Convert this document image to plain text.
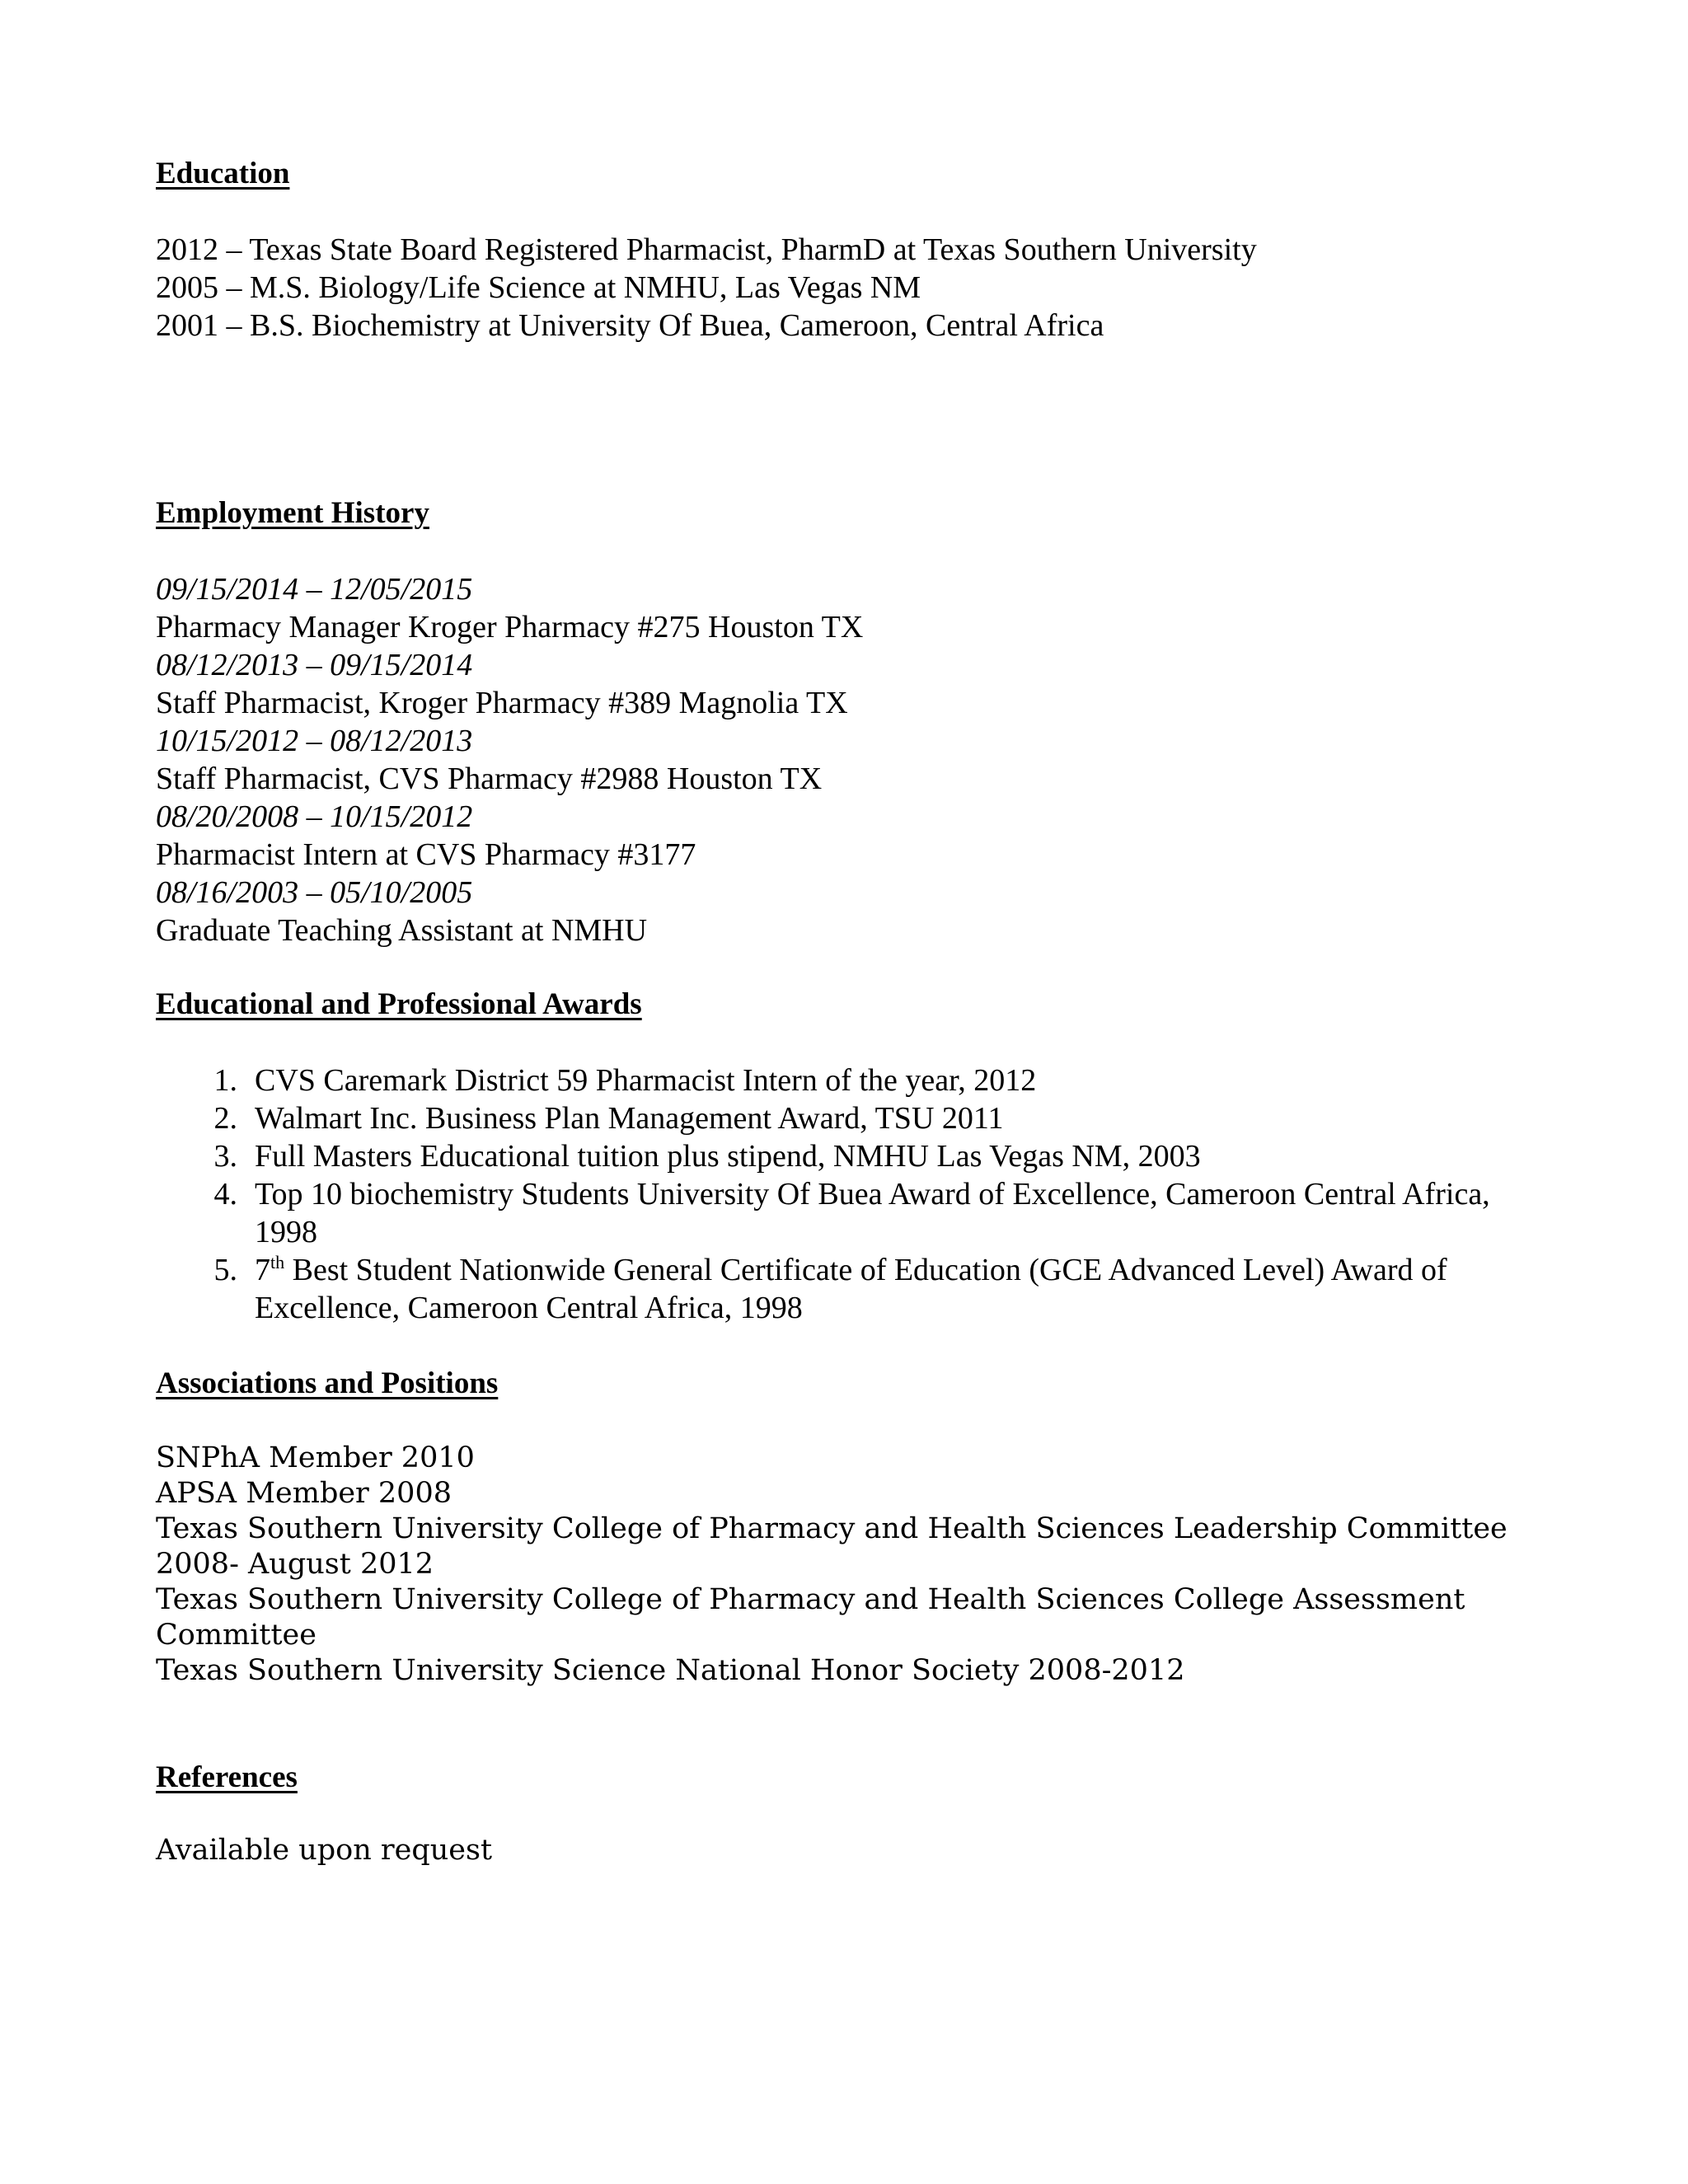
Education

2012 – Texas State Board Registered Pharmacist, PharmD at Texas Southern University

2005 – M.S. Biology/Life Science at NMHU, Las Vegas NM

2001 – B.S. Biochemistry at University Of Buea, Cameroon, Central Africa

Employment History

09/15/2014 – 12/05/2015

Pharmacy Manager Kroger Pharmacy #275 Houston TX

08/12/2013 – 09/15/2014

Staff Pharmacist, Kroger Pharmacy #389 Magnolia TX

10/15/2012 – 08/12/2013

Staff Pharmacist, CVS Pharmacy #2988 Houston TX

08/20/2008 – 10/15/2012

Pharmacist Intern at CVS Pharmacy #3177

08/16/2003 – 05/10/2005

Graduate Teaching Assistant at NMHU

Educational and Professional Awards
1. CVS Caremark District 59 Pharmacist Intern of the year, 2012
2. Walmart Inc. Business Plan Management Award, TSU 2011
3. Full Masters Educational tuition plus stipend, NMHU Las Vegas NM, 2003
4. Top 10 biochemistry Students University Of Buea Award of Excellence, Cameroon Central Africa, 1998
5. 7th Best Student Nationwide General Certificate of Education (GCE Advanced Level) Award of Excellence, Cameroon Central Africa, 1998
Associations and Positions

SNPhA Member 2010

APSA Member 2008

Texas Southern University College of Pharmacy and Health Sciences Leadership Committee

2008- August 2012

Texas Southern University College of Pharmacy and Health Sciences College Assessment

Committee

Texas Southern University Science National Honor Society 2008-2012

References

Available upon request
